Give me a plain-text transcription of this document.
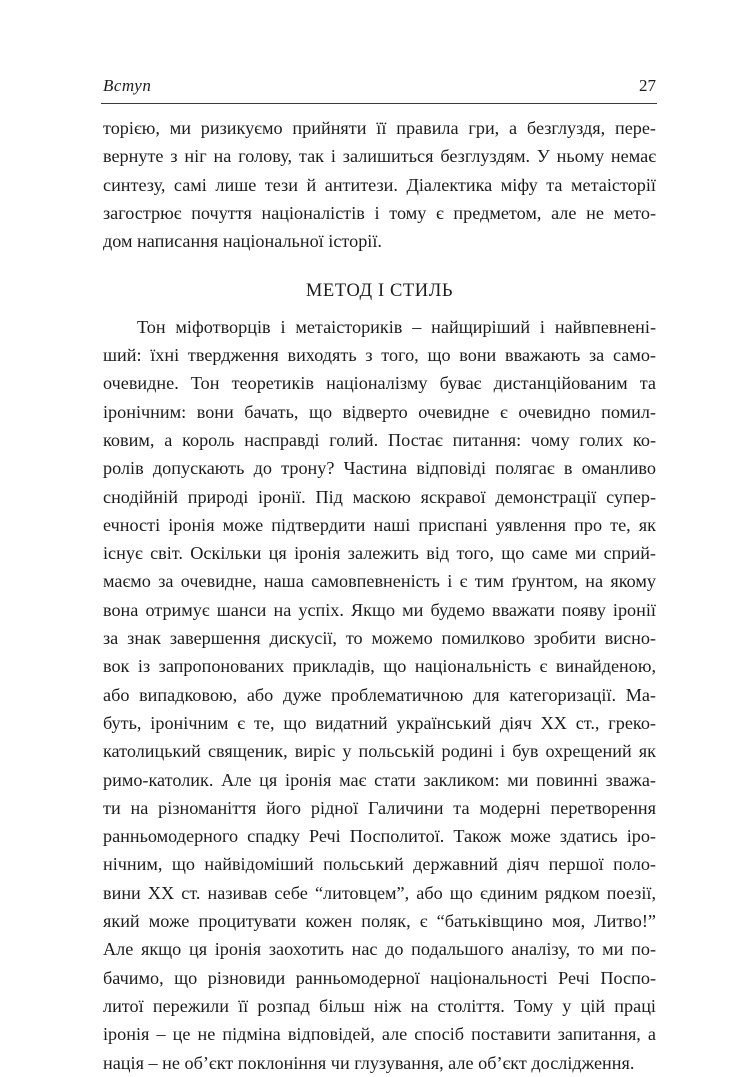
Вступ	27
торією, ми ризикуємо прийняти її правила гри, а безглуздя, пере-
вернуте з ніг на голову, так і залишиться безглуздям. У ньому немає
синтезу, самі лише тези й антитези. Діалектика міфу та метаісторії
загострює почуття націоналістів і тому є предметом, але не мето-
дом написання національної історії.
МЕТОД І СТИЛЬ
Тон міфотворців і метаісториків – найщиріший і найвпевнені-
ший: їхні твердження виходять з того, що вони вважають за само-
очевидне. Тон теоретиків націоналізму буває дистанційованим та
іронічним: вони бачать, що відверто очевидне є очевидно помил-
ковим, а король насправді голий. Постає питання: чому голих ко-
ролів допускають до трону? Частина відповіді полягає в оманливо
снодійній природі іронії. Під маскою яскравої демонстрації супер-
ечності іронія може підтвердити наші приспані уявлення про те, як
існує світ. Оскільки ця іронія залежить від того, що саме ми сприй-
маємо за очевидне, наша самовпевненість і є тим ґрунтом, на якому
вона отримує шанси на успіх. Якщо ми будемо вважати появу іронії
за знак завершення дискусії, то можемо помилково зробити висно-
вок із запропонованих прикладів, що національність є винайденою,
або випадковою, або дуже проблематичною для категоризації. Ма-
буть, іронічним є те, що видатний український діяч XX ст., греко-
католицький священик, виріс у польській родині і був охрещений як
римо-католик. Але ця іронія має стати закликом: ми повинні зважа-
ти на різноманіття його рідної Галичини та модерні перетворення
ранньомодерного спадку Речі Посполитої. Також може здатись іро-
нічним, що найвідоміший польський державний діяч першої поло-
вини XX ст. називав себе “литовцем”, або що єдиним рядком поезії,
який може процитувати кожен поляк, є “батьківщино моя, Литво!”
Але якщо ця іронія заохотить нас до подальшого аналізу, то ми по-
бачимо, що різновиди ранньомодерної національності Речі Поспо-
литої пережили її розпад більш ніж на століття. Тому у цій праці
іронія – це не підміна відповідей, але спосіб поставити запитання, а
нація – не об’єкт поклоніння чи глузування, але об’єкт дослідження.
